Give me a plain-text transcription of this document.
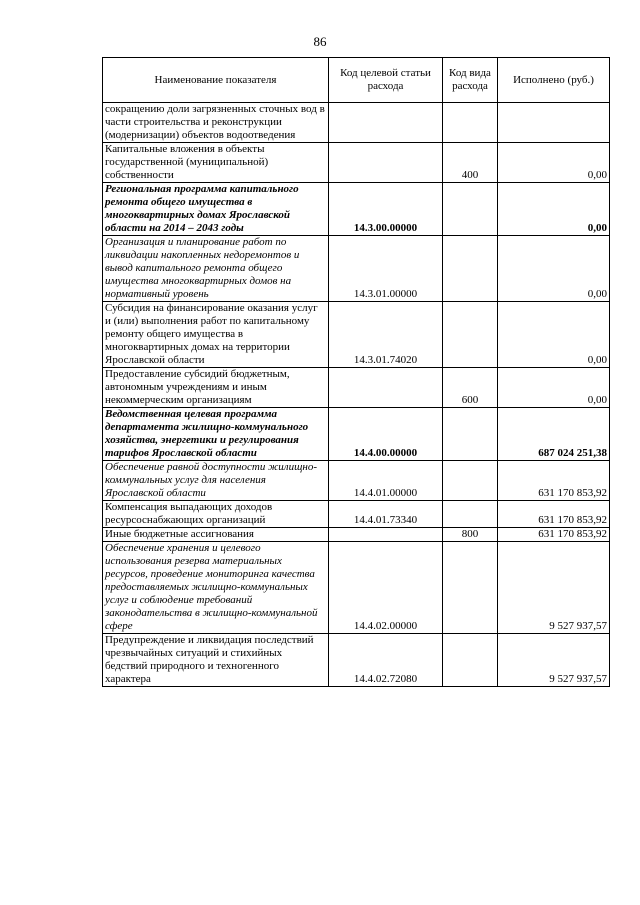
86
Наименование показателя	Код целевой статьи расхода	Код вида расхода	Исполнено (руб.)
сокращению доли загрязненных сточных вод в части строительства и реконструкции (модернизации) объектов водоотведения			
Капитальные вложения в объекты государственной (муниципальной) собственности		400	0,00
Региональная программа капитального ремонта общего имущества в многоквартирных домах Ярославской области на 2014 – 2043 годы	14.3.00.00000		0,00
Организация и планирование работ по ликвидации накопленных недоремонтов и вывод капитального ремонта общего имущества многоквартирных домов на нормативный уровень	14.3.01.00000		0,00
Субсидия на финансирование оказания услуг и (или) выполнения работ по капитальному ремонту общего имущества в многоквартирных домах на территории Ярославской области	14.3.01.74020		0,00
Предоставление субсидий бюджетным, автономным учреждениям и иным некоммерческим организациям		600	0,00
Ведомственная целевая программа департамента жилищно-коммунального хозяйства, энергетики и регулирования тарифов Ярославской области	14.4.00.00000		687 024 251,38
Обеспечение равной доступности жилищно-коммунальных услуг для населения Ярославской области	14.4.01.00000		631 170 853,92
Компенсация выпадающих доходов ресурсоснабжающих организаций	14.4.01.73340		631 170 853,92
Иные бюджетные ассигнования		800	631 170 853,92
Обеспечение хранения и целевого использования резерва материальных ресурсов, проведение мониторинга качества предоставляемых жилищно-коммунальных услуг и соблюдение требований законодательства в жилищно-коммунальной сфере	14.4.02.00000		9 527 937,57
Предупреждение и ликвидация последствий чрезвычайных ситуаций и стихийных бедствий природного и техногенного характера	14.4.02.72080		9 527 937,57
